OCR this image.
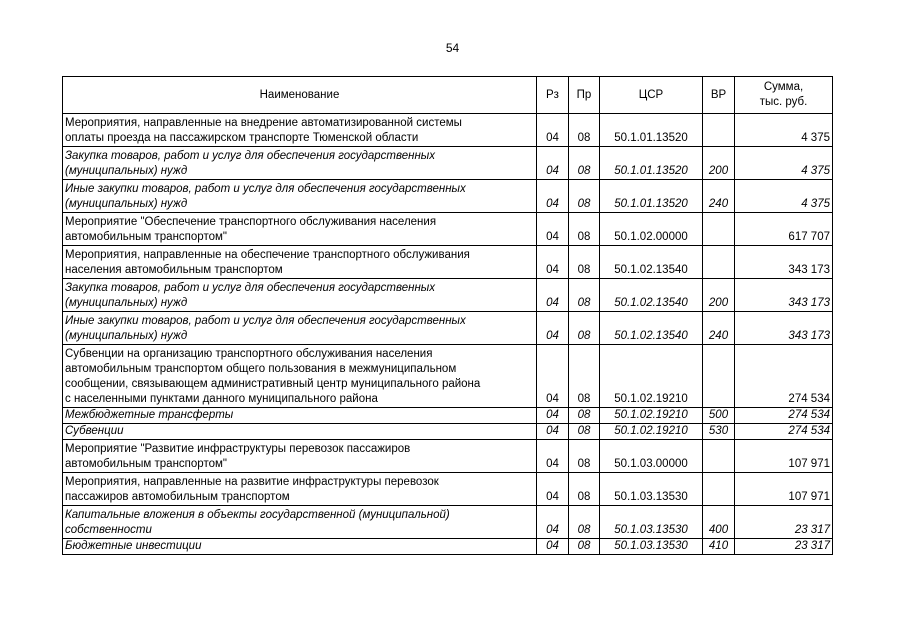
54
Наименование	Рз	Пр	ЦСР	ВР	Сумма,
тыс. руб.

Мероприятия, направленные на внедрение автоматизированной системы
оплаты проезда на пассажирском транспорте Тюменской области	04	08	50.1.01.13520		4 375

Закупка товаров, работ и услуг для обеспечения государственных
(муниципальных) нужд	04	08	50.1.01.13520	200	4 375

Иные закупки товаров, работ и услуг для обеспечения государственных
(муниципальных) нужд	04	08	50.1.01.13520	240	4 375

Мероприятие "Обеспечение транспортного обслуживания населения
автомобильным транспортом"	04	08	50.1.02.00000		617 707

Мероприятия, направленные на обеспечение транспортного обслуживания
населения автомобильным транспортом	04	08	50.1.02.13540		343 173

Закупка товаров, работ и услуг для обеспечения государственных
(муниципальных) нужд	04	08	50.1.02.13540	200	343 173

Иные закупки товаров, работ и услуг для обеспечения государственных
(муниципальных) нужд	04	08	50.1.02.13540	240	343 173

Субвенции на организацию транспортного обслуживания населения
автомобильным транспортом общего пользования в межмуниципальном
сообщении, связывающем административный центр муниципального района
с населенными пунктами данного муниципального района	04	08	50.1.02.19210		274 534

Межбюджетные трансферты	04	08	50.1.02.19210	500	274 534

Субвенции	04	08	50.1.02.19210	530	274 534

Мероприятие "Развитие инфраструктуры перевозок пассажиров
автомобильным транспортом"	04	08	50.1.03.00000		107 971

Мероприятия, направленные на развитие инфраструктуры перевозок
пассажиров автомобильным транспортом	04	08	50.1.03.13530		107 971

Капитальные вложения в объекты государственной (муниципальной)
собственности	04	08	50.1.03.13530	400	23 317

Бюджетные инвестиции	04	08	50.1.03.13530	410	23 317
